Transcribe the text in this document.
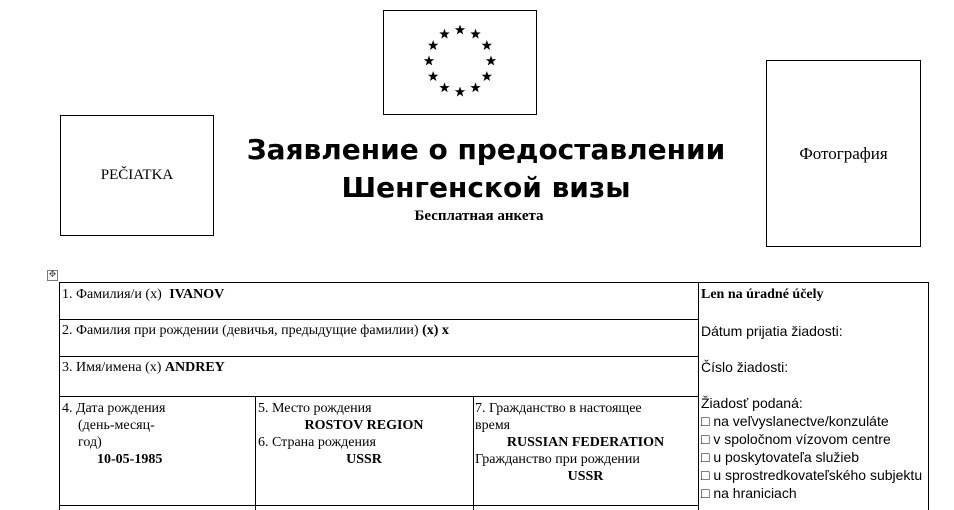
PEČIATKA
Фотография
Заявление о предоставлении
Шенгенской визы
Бесплатная анкета
✥
1. Фамилия/и (x) IVANOV
2. Фамилия при рождении (девичья, предыдущие фамилии) (x) x
3. Имя/имена (x) ANDREY
4. Дата рождения
(день-месяц-
год)
10-05-1985
5. Место рождения
ROSTOV REGION
6. Страна рождения
USSR
7. Гражданство в настоящее
время
RUSSIAN FEDERATION
Гражданство при рождении
USSR
Len na úradné účely
Dátum prijatia žiadosti:
Číslo žiadosti:
Žiadosť podaná:
□ na veľvyslanectve/konzuláte
□ v spoločnom vízovom centre
□ u poskytovateľa služieb
□ u sprostredkovateľského subjektu
□ na hraniciach
